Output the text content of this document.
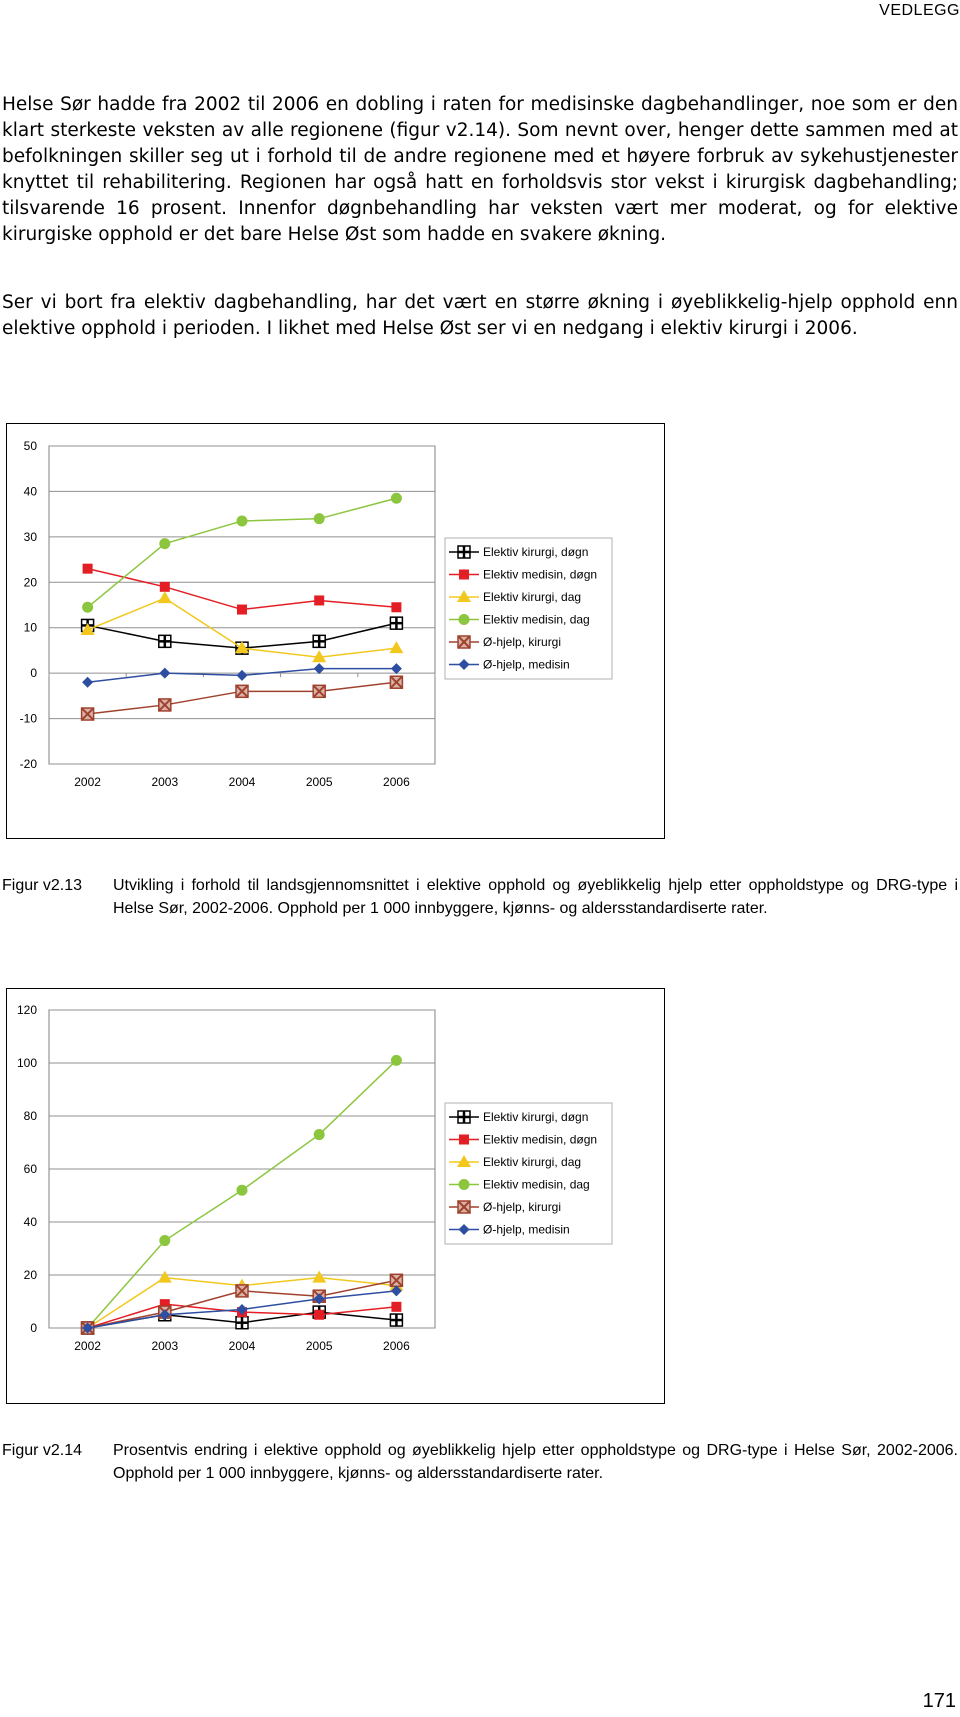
VEDLEGG

Helse Sør hadde fra 2002 til 2006 en dobling i raten for medisinske dagbehandlinger, noe som er den klart sterkeste veksten av alle regionene (figur v2.14). Som nevnt over, henger dette sammen med at befolkningen skiller seg ut i forhold til de andre regionene med et høyere forbruk av sykehustjenester knyttet til rehabilitering. Regionen har også hatt en forholdsvis stor vekst i kirurgisk dagbehandling; tilsvarende 16 prosent. Innenfor døgnbehandling har veksten vært mer moderat, og for elektive kirurgiske opphold er det bare Helse Øst som hadde en svakere økning.

Ser vi bort fra elektiv dagbehandling, har det vært en større økning i øyeblikkelig-hjelp opphold enn elektive opphold i perioden. I likhet med Helse Øst ser vi en nedgang i elektiv kirurgi i 2006.

-20
-10
0
10
20
30
40
50
2002	2003	2004	2005	2006
Elektiv kirurgi, døgn
Elektiv medisin, døgn
Elektiv kirurgi, dag
Elektiv medisin, dag
Ø-hjelp, kirurgi
Ø-hjelp, medisin
Figur v2.13 Utvikling i forhold til landsgjennomsnittet i elektive opphold og øyeblikkelig hjelp etter oppholdstype og DRG-type i Helse Sør, 2002-2006. Opphold per 1 000 innbyggere, kjønns- og aldersstandardiserte rater.
0
20
40
60
80
100
120
2002	2003	2004	2005	2006
Elektiv kirurgi, døgn
Elektiv medisin, døgn
Elektiv kirurgi, dag
Elektiv medisin, dag
Ø-hjelp, kirurgi
Ø-hjelp, medisin
Figur v2.14 Prosentvis endring i elektive opphold og øyeblikkelig hjelp etter oppholdstype og DRG-type i Helse Sør, 2002-2006. Opphold per 1 000 innbyggere, kjønns- og aldersstandardiserte rater.
171
